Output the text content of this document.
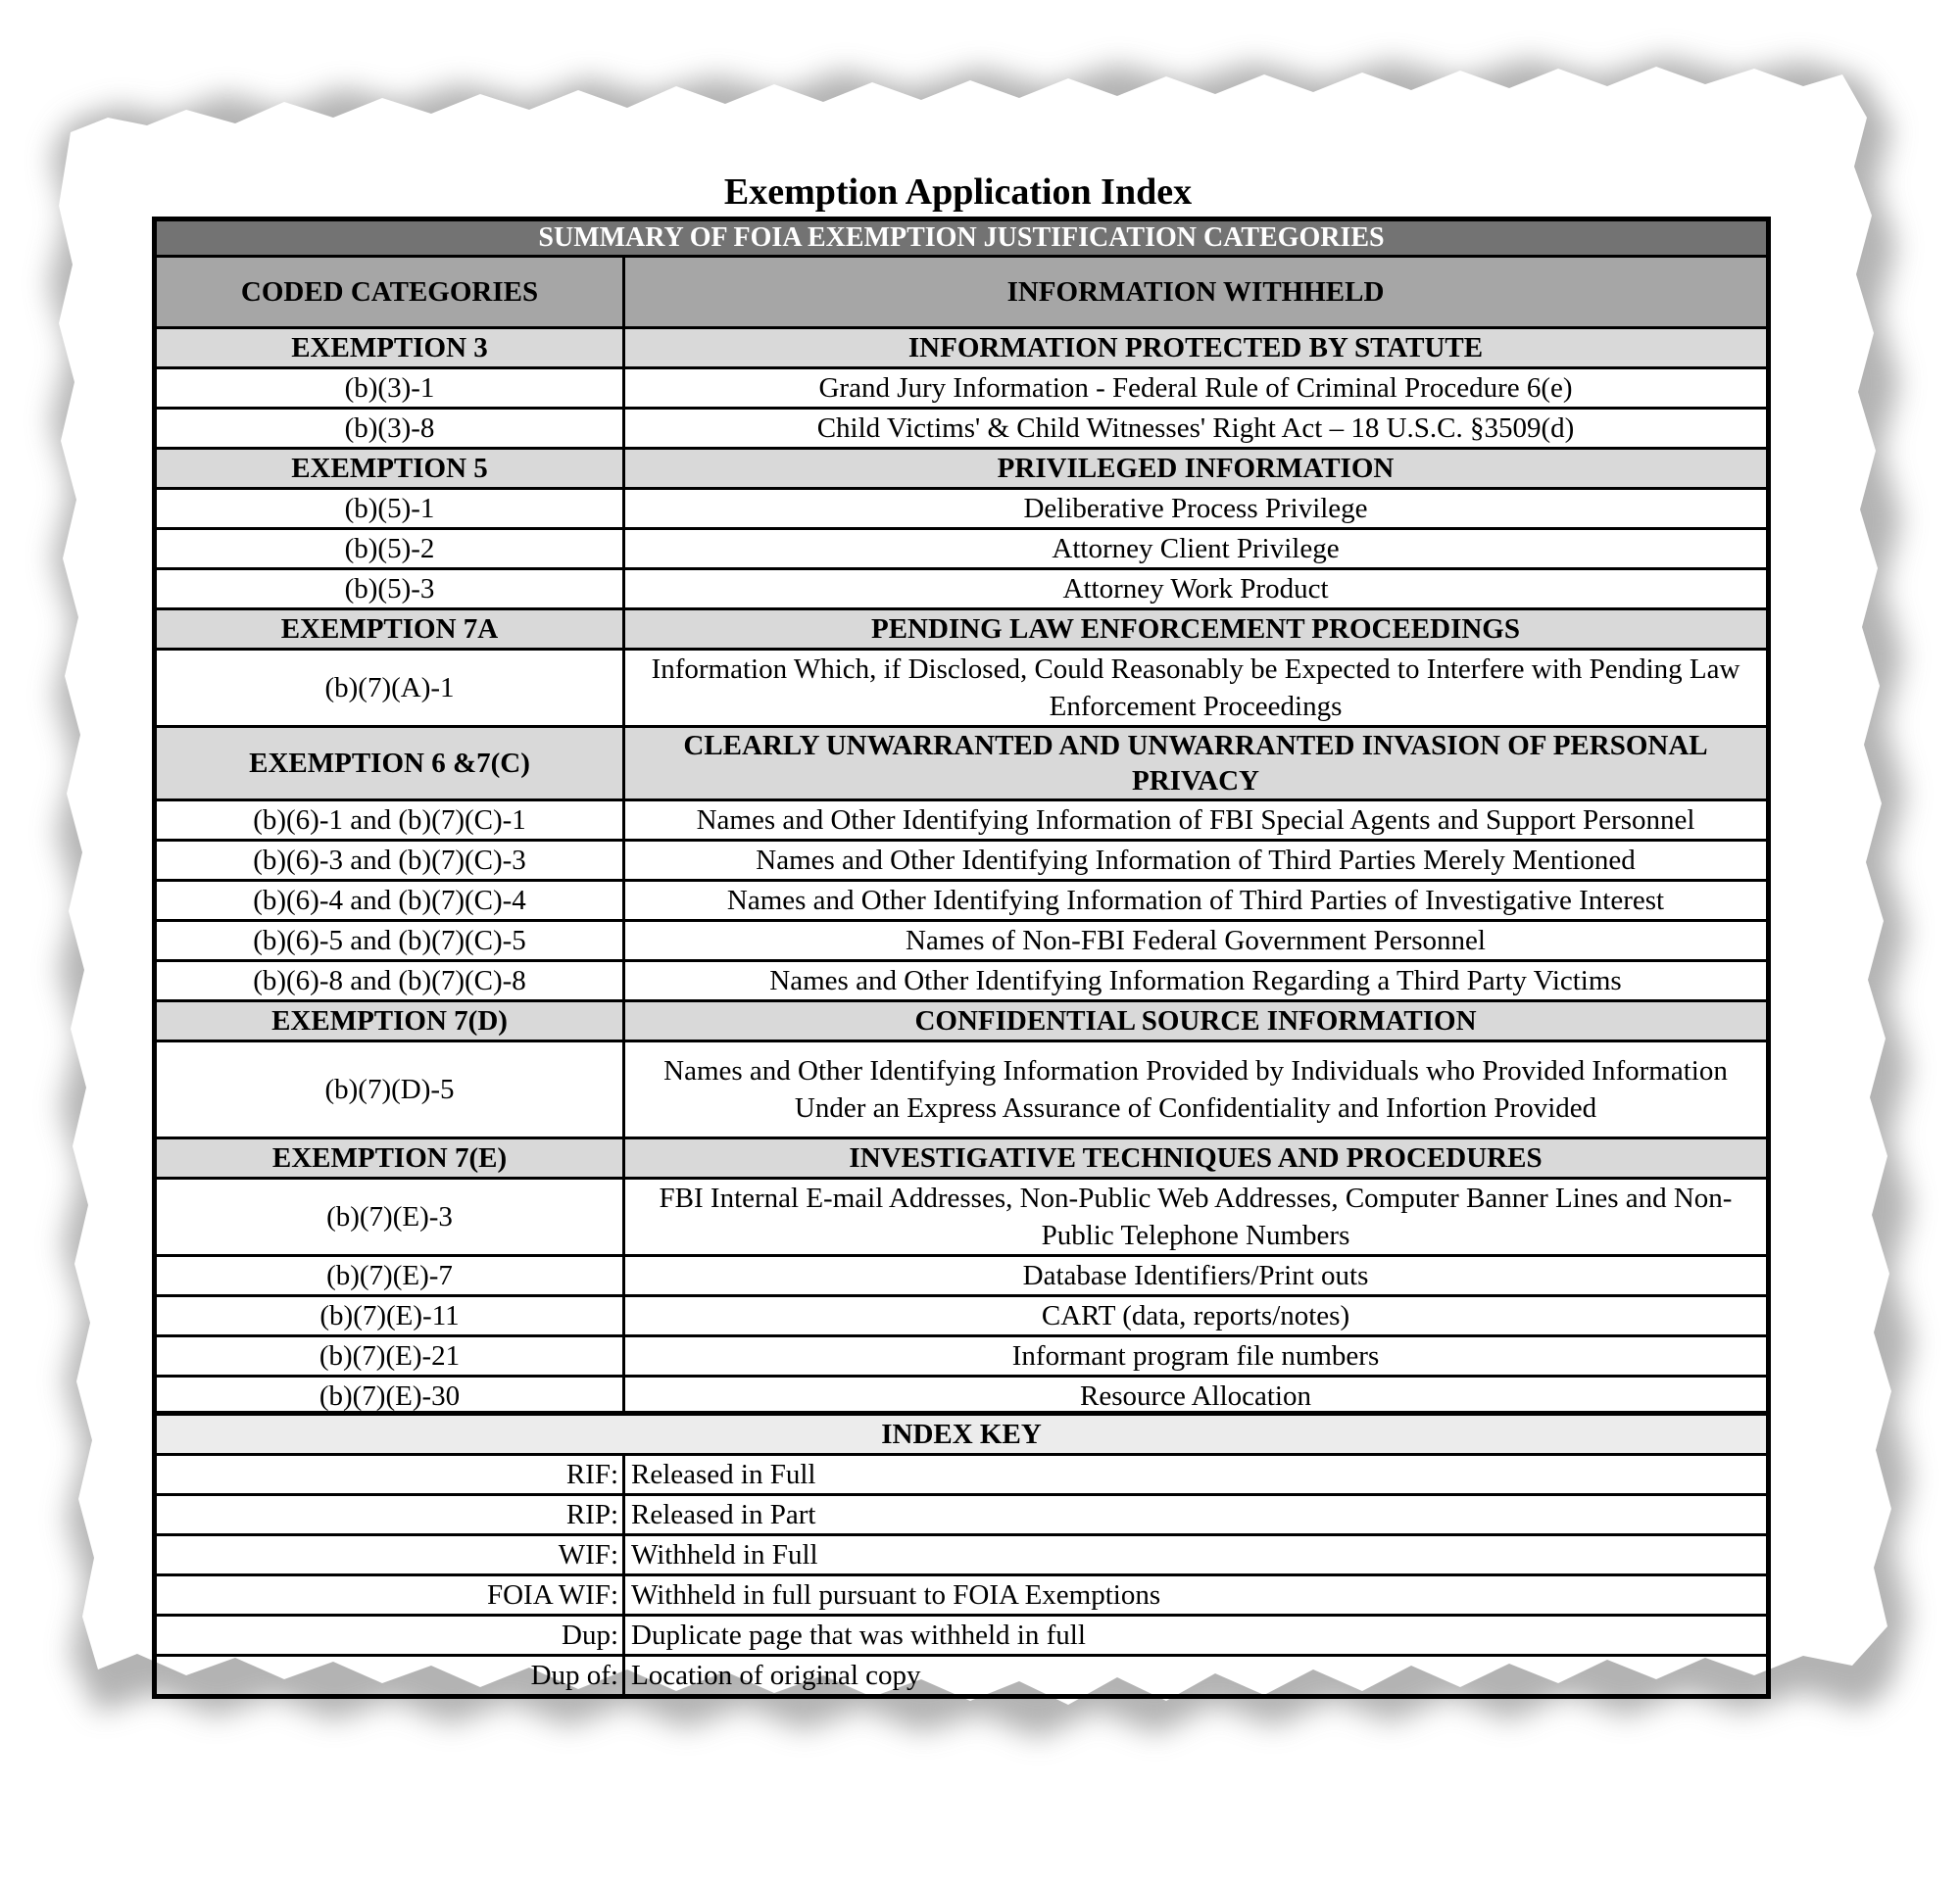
Exemption Application Index
SUMMARY OF FOIA EXEMPTION JUSTIFICATION CATEGORIES	
CODED CATEGORIES	INFORMATION WITHHELD
EXEMPTION 3	INFORMATION PROTECTED BY STATUTE
(b)(3)-1	Grand Jury Information - Federal Rule of Criminal Procedure 6(e)
(b)(3)-8	Child Victims' & Child Witnesses' Right Act – 18 U.S.C. §3509(d)
EXEMPTION 5	PRIVILEGED INFORMATION
(b)(5)-1	Deliberative Process Privilege
(b)(5)-2	Attorney Client Privilege
(b)(5)-3	Attorney Work Product
EXEMPTION 7A	PENDING LAW ENFORCEMENT PROCEEDINGS
(b)(7)(A)-1	Information Which, if Disclosed, Could Reasonably be Expected to Interfere with Pending Law Enforcement Proceedings
EXEMPTION 6 &7(C)	CLEARLY UNWARRANTED AND UNWARRANTED INVASION OF PERSONAL PRIVACY
(b)(6)-1 and (b)(7)(C)-1	Names and Other Identifying Information of FBI Special Agents and Support Personnel
(b)(6)-3 and (b)(7)(C)-3	Names and Other Identifying Information of Third Parties Merely Mentioned
(b)(6)-4 and (b)(7)(C)-4	Names and Other Identifying Information of Third Parties of Investigative Interest
(b)(6)-5 and (b)(7)(C)-5	Names of Non-FBI Federal Government Personnel
(b)(6)-8 and (b)(7)(C)-8	Names and Other Identifying Information Regarding a Third Party Victims
EXEMPTION 7(D)	CONFIDENTIAL SOURCE INFORMATION
(b)(7)(D)-5	Names and Other Identifying Information Provided by Individuals who Provided Information Under an Express Assurance of Confidentiality and Infortion Provided
EXEMPTION 7(E)	INVESTIGATIVE TECHNIQUES AND PROCEDURES
(b)(7)(E)-3	FBI Internal E-mail Addresses, Non-Public Web Addresses, Computer Banner Lines and Non-Public Telephone Numbers
(b)(7)(E)-7	Database Identifiers/Print outs
(b)(7)(E)-11	CART (data, reports/notes)
(b)(7)(E)-21	Informant program file numbers
(b)(7)(E)-30	Resource Allocation
INDEX KEY	
RIF:	Released in Full
RIP:	Released in Part
WIF:	Withheld in Full
FOIA WIF:	Withheld in full pursuant to FOIA Exemptions
Dup:	Duplicate page that was withheld in full
Dup of:	Location of original copy
